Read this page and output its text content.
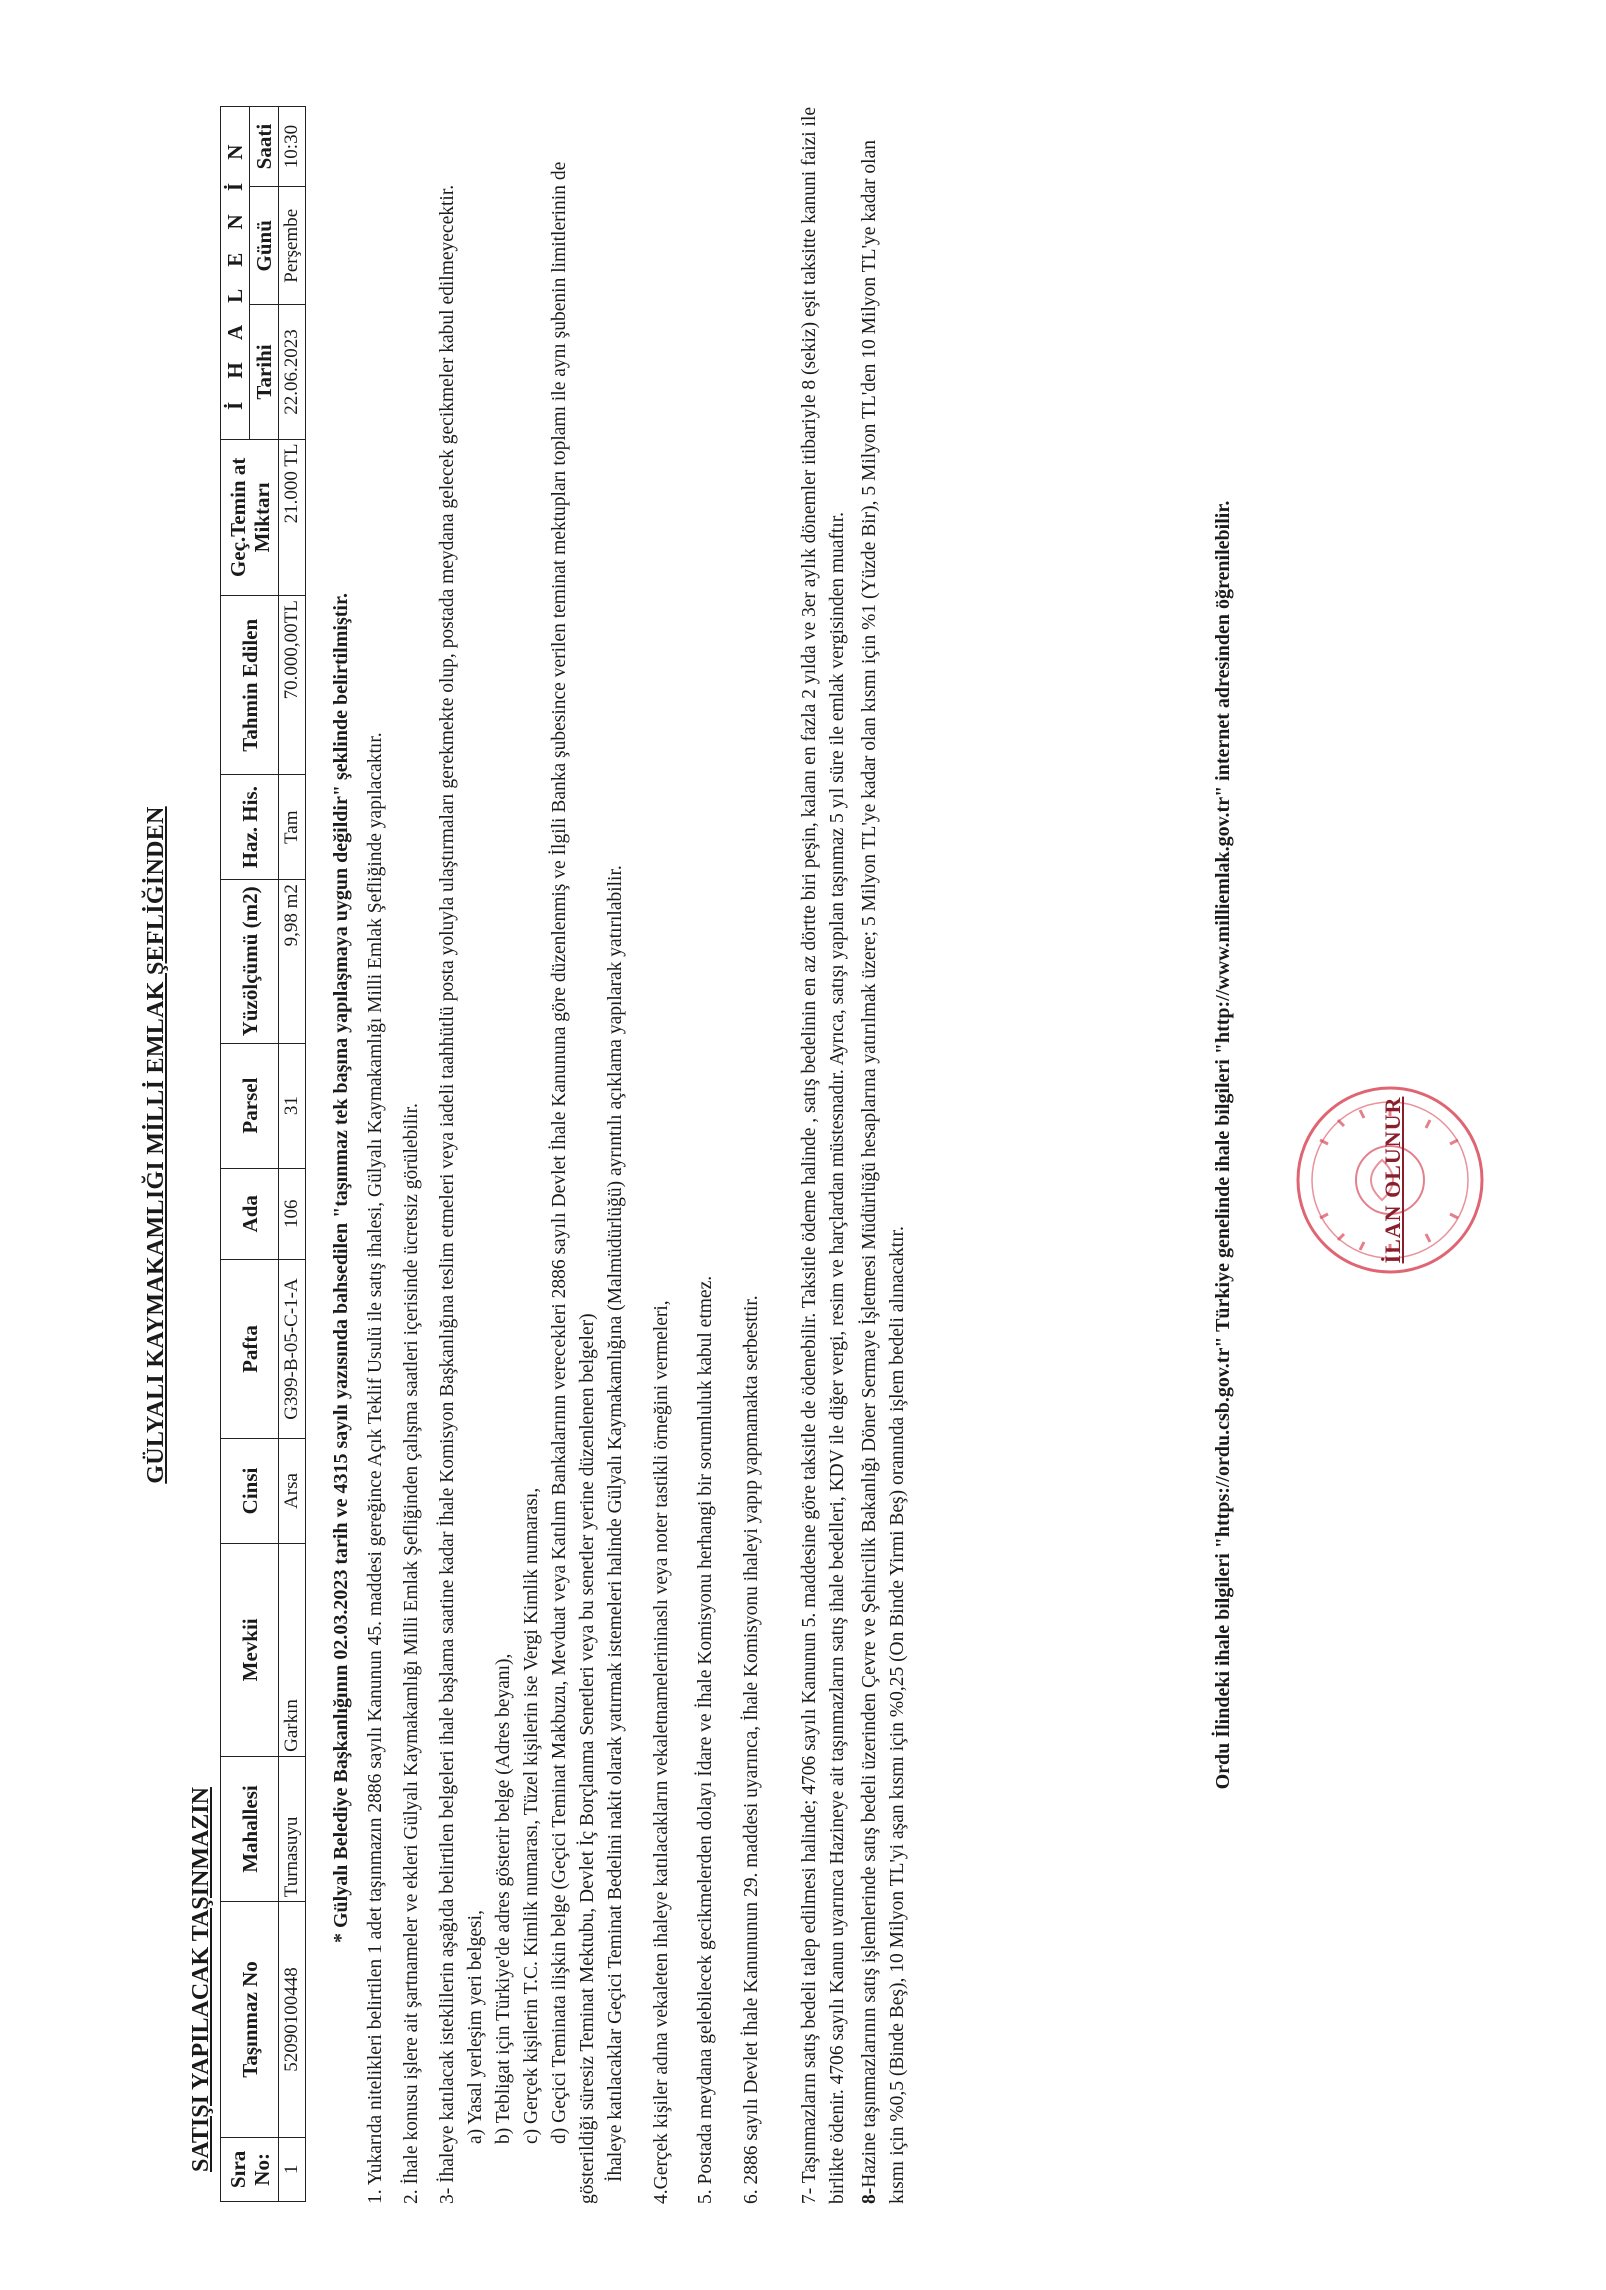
GÜLYALI KAYMAKAMLIĞI MİLLİ EMLAK ŞEFLİĞİNDEN
SATIŞI YAPILACAK TAŞINMAZIN Sıra No:	Taşınmaz No	Mahallesi	Mevkii	Cinsi	Pafta	Ada	Parsel	Yüzölçümü (m2)	Haz. His.	Tahmin Edilen	Geç.Temin at Miktarı	İ H A L E N İ N		
												Tarihi	Günü	Saati
1	52090100448	Turnasuyu	Garkın	Arsa	G399-B-05-C-1-A	106	31	9,98 m2	Tam	70.000,00TL	21.000 TL	22.06.2023	Perşembe	10:30
* Gülyalı Belediye Başkanlığının 02.03.2023 tarih ve 4315 sayılı yazısında bahsedilen "taşınmaz tek başına yapılaşmaya uygun değildir" şeklinde belirtilmiştir. 1. Yukarıda nitelikleri belirtilen 1 adet taşınmazın 2886 sayılı Kanunun 45. maddesi gereğince Açık Teklif Usulü ile satış ihalesi, Gülyalı Kaymakamlığı Milli Emlak Şefliğinde yapılacaktır. 2. İhale konusu işlere ait şartnameler ve ekleri Gülyalı Kaymakamlığı Milli Emlak Şefliğinden çalışma saatleri içerisinde ücretsiz görülebilir. 3- İhaleye katılacak isteklilerin aşağıda belirtilen belgeleri ihale başlama saatine kadar İhale Komisyon Başkanlığına teslim etmeleri veya iadeli taahhütlü posta yoluyla ulaştırmaları gerekmekte olup, postada meydana gelecek gecikmeler kabul edilmeyecektir. a) Yasal yerleşim yeri belgesi, b) Tebligat için Türkiye'de adres gösterir belge (Adres beyanı), c) Gerçek kişilerin T.C. Kimlik numarası, Tüzel kişilerin ise Vergi Kimlik numarası, d) Geçici Teminata ilişkin belge (Geçici Teminat Makbuzu, Mevduat veya Katılım Bankalarının verecekleri 2886 sayılı Devlet İhale Kanununa göre düzenlenmiş ve İlgili Banka şubesince verilen teminat mektupları toplamı ile aynı şubenin limitlerinin de gösterildiği süresiz Teminat Mektubu, Devlet İç Borçlanma Senetleri veya bu senetler yerine düzenlenen belgeler) İhaleye katılacaklar Geçici Teminat Bedelini nakit olarak yatırmak istemeleri halinde Gülyalı Kaymakamlığına (Malmüdürlüğü) ayrıntılı açıklama yapılarak yatırılabilir. 4.Gerçek kişiler adına vekaleten ihaleye katılacakların vekaletnamelerininaslı veya noter tastikli örneğini vermeleri, 5. Postada meydana gelebilecek gecikmelerden dolayı İdare ve İhale Komisyonu herhangi bir sorumluluk kabul etmez. 6. 2886 sayılı Devlet İhale Kanununun 29. maddesi uyarınca, İhale Komisyonu ihaleyi yapıp yapmamakta serbesttir. 7- Taşınmazların satış bedeli talep edilmesi halinde; 4706 sayılı Kanunun 5. maddesine göre taksitle de ödenebilir. Taksitle ödeme halinde , satış bedelinin en az dörtte biri peşin, kalanı en fazla 2 yılda ve 3er aylık dönemler itibariyle 8 (sekiz) eşit taksitte kanuni faizi ile birlikte ödenir. 4706 sayılı Kanun uyarınca Hazineye ait taşınmazların satış ihale bedelleri, KDV ile diğer vergi, resim ve harçlardan müstesnadır. Ayrıca, satışı yapılan taşınmaz 5 yıl süre ile emlak vergisinden muaftır. 8-Hazine taşınmazlarının satış işlemlerinde satış bedeli üzerinden Çevre ve Şehircilik Bakanlığı Döner Sermaye İşletmesi Müdürlüğü hesaplarına yatırılmak üzere; 5 Milyon TL'ye kadar olan kısmı için %1 (Yüzde Bir), 5 Milyon TL'den 10 Milyon TL'ye kadar olan kısmı için %0,5 (Binde Beş), 10 Milyon TL'yi aşan kısmı için %0,25 (On Binde Yirmi Beş) oranında işlem bedeli alınacaktır.	Ordu İlindeki ihale bilgileri "https://ordu.csb.gov.tr" Türkiye genelinde ihale bilgileri "http://www.milliemlak.gov.tr" internet adresinden öğrenilebilir.	İLAN OLUNUR
